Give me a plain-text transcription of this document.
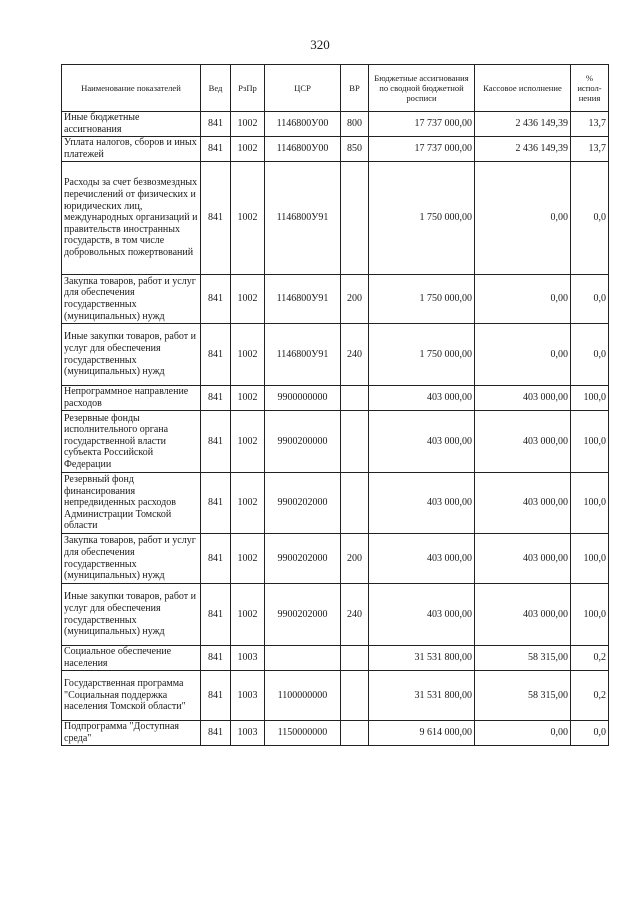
320
Наименование показателей	Вед	РзПр	ЦСР	ВР	Бюджетные ассигнования по сводной бюджетной росписи	Кассовое исполнение	% испол-нения
Иные бюджетные ассигнования	841	1002	1146800У00	800	17 737 000,00	2 436 149,39	13,7
Уплата налогов, сборов и иных платежей	841	1002	1146800У00	850	17 737 000,00	2 436 149,39	13,7
Расходы за счет безвозмездных перечислений от физических и юридических лиц, международных организаций и правительств иностранных государств, в том числе добровольных пожертвований	841	1002	1146800У91		1 750 000,00	0,00	0,0
Закупка товаров, работ и услуг для обеспечения государственных (муниципальных) нужд	841	1002	1146800У91	200	1 750 000,00	0,00	0,0
Иные закупки товаров, работ и услуг для обеспечения государственных (муниципальных) нужд	841	1002	1146800У91	240	1 750 000,00	0,00	0,0
Непрограммное направление расходов	841	1002	9900000000		403 000,00	403 000,00	100,0
Резервные фонды исполнительного органа государственной власти субъекта Российской Федерации	841	1002	9900200000		403 000,00	403 000,00	100,0
Резервный фонд финансирования непредвиденных расходов Администрации Томской области	841	1002	9900202000		403 000,00	403 000,00	100,0
Закупка товаров, работ и услуг для обеспечения государственных (муниципальных) нужд	841	1002	9900202000	200	403 000,00	403 000,00	100,0
Иные закупки товаров, работ и услуг для обеспечения государственных (муниципальных) нужд	841	1002	9900202000	240	403 000,00	403 000,00	100,0
Социальное обеспечение населения	841	1003			31 531 800,00	58 315,00	0,2
Государственная программа "Социальная поддержка населения Томской области"	841	1003	1100000000		31 531 800,00	58 315,00	0,2
Подпрограмма "Доступная среда"	841	1003	1150000000		9 614 000,00	0,00	0,0
